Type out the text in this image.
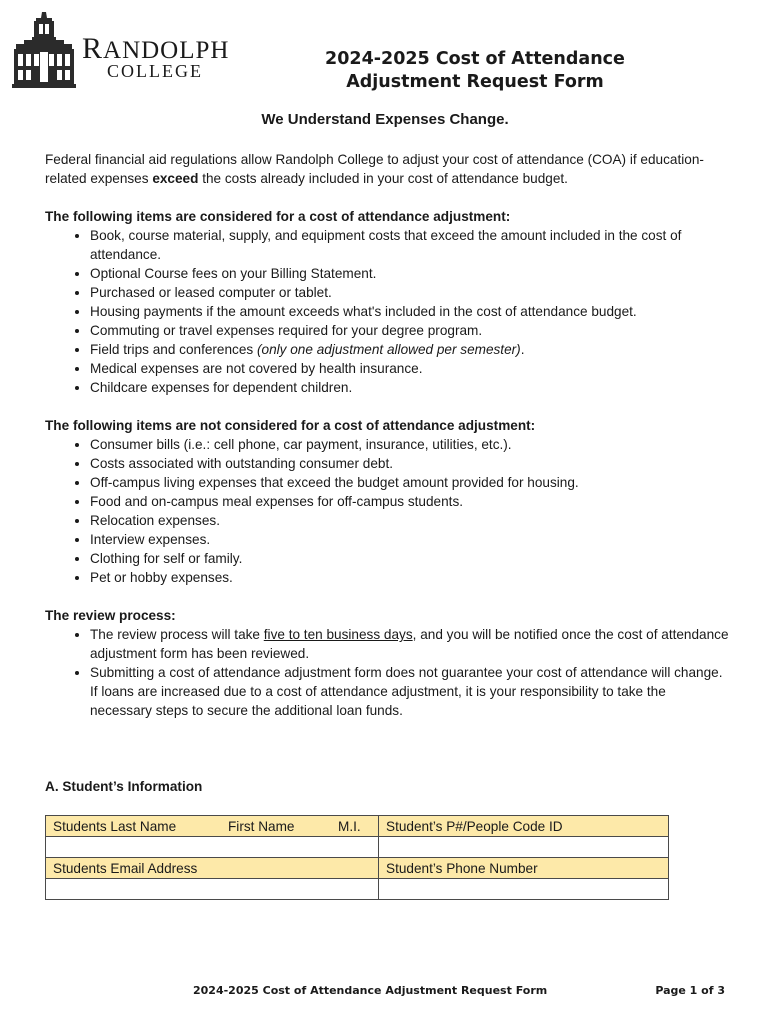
RANDOLPH
COLLEGE
2024-2025 Cost of Attendance
Adjustment Request Form
We Understand Expenses Change.

Federal financial aid regulations allow Randolph College to adjust your cost of attendance (COA) if education-related expenses exceed the costs already included in your cost of attendance budget.

The following items are considered for a cost of attendance adjustment:

• Book, course material, supply, and equipment costs that exceed the amount included in the cost of attendance.
• Optional Course fees on your Billing Statement.
• Purchased or leased computer or tablet.
• Housing payments if the amount exceeds what's included in the cost of attendance budget.
• Commuting or travel expenses required for your degree program.
• Field trips and conferences (only one adjustment allowed per semester).
• Medical expenses are not covered by health insurance.
• Childcare expenses for dependent children.

The following items are not considered for a cost of attendance adjustment:

• Consumer bills (i.e.: cell phone, car payment, insurance, utilities, etc.).
• Costs associated with outstanding consumer debt.
• Off-campus living expenses that exceed the budget amount provided for housing.
• Food and on-campus meal expenses for off-campus students.
• Relocation expenses.
• Interview expenses.
• Clothing for self or family.
• Pet or hobby expenses.

The review process:

• The review process will take five to ten business days, and you will be notified once the cost of attendance adjustment form has been reviewed.
• Submitting a cost of attendance adjustment form does not guarantee your cost of attendance will change. If loans are increased due to a cost of attendance adjustment, it is your responsibility to take the necessary steps to secure the additional loan funds.
A. Student’s Information
Students Last Name First Name M.I.	Student’s P#/People Code ID

Students Email Address	Student’s Phone Number

2024-2025 Cost of Attendance Adjustment Request Form	Page 1 of 3
